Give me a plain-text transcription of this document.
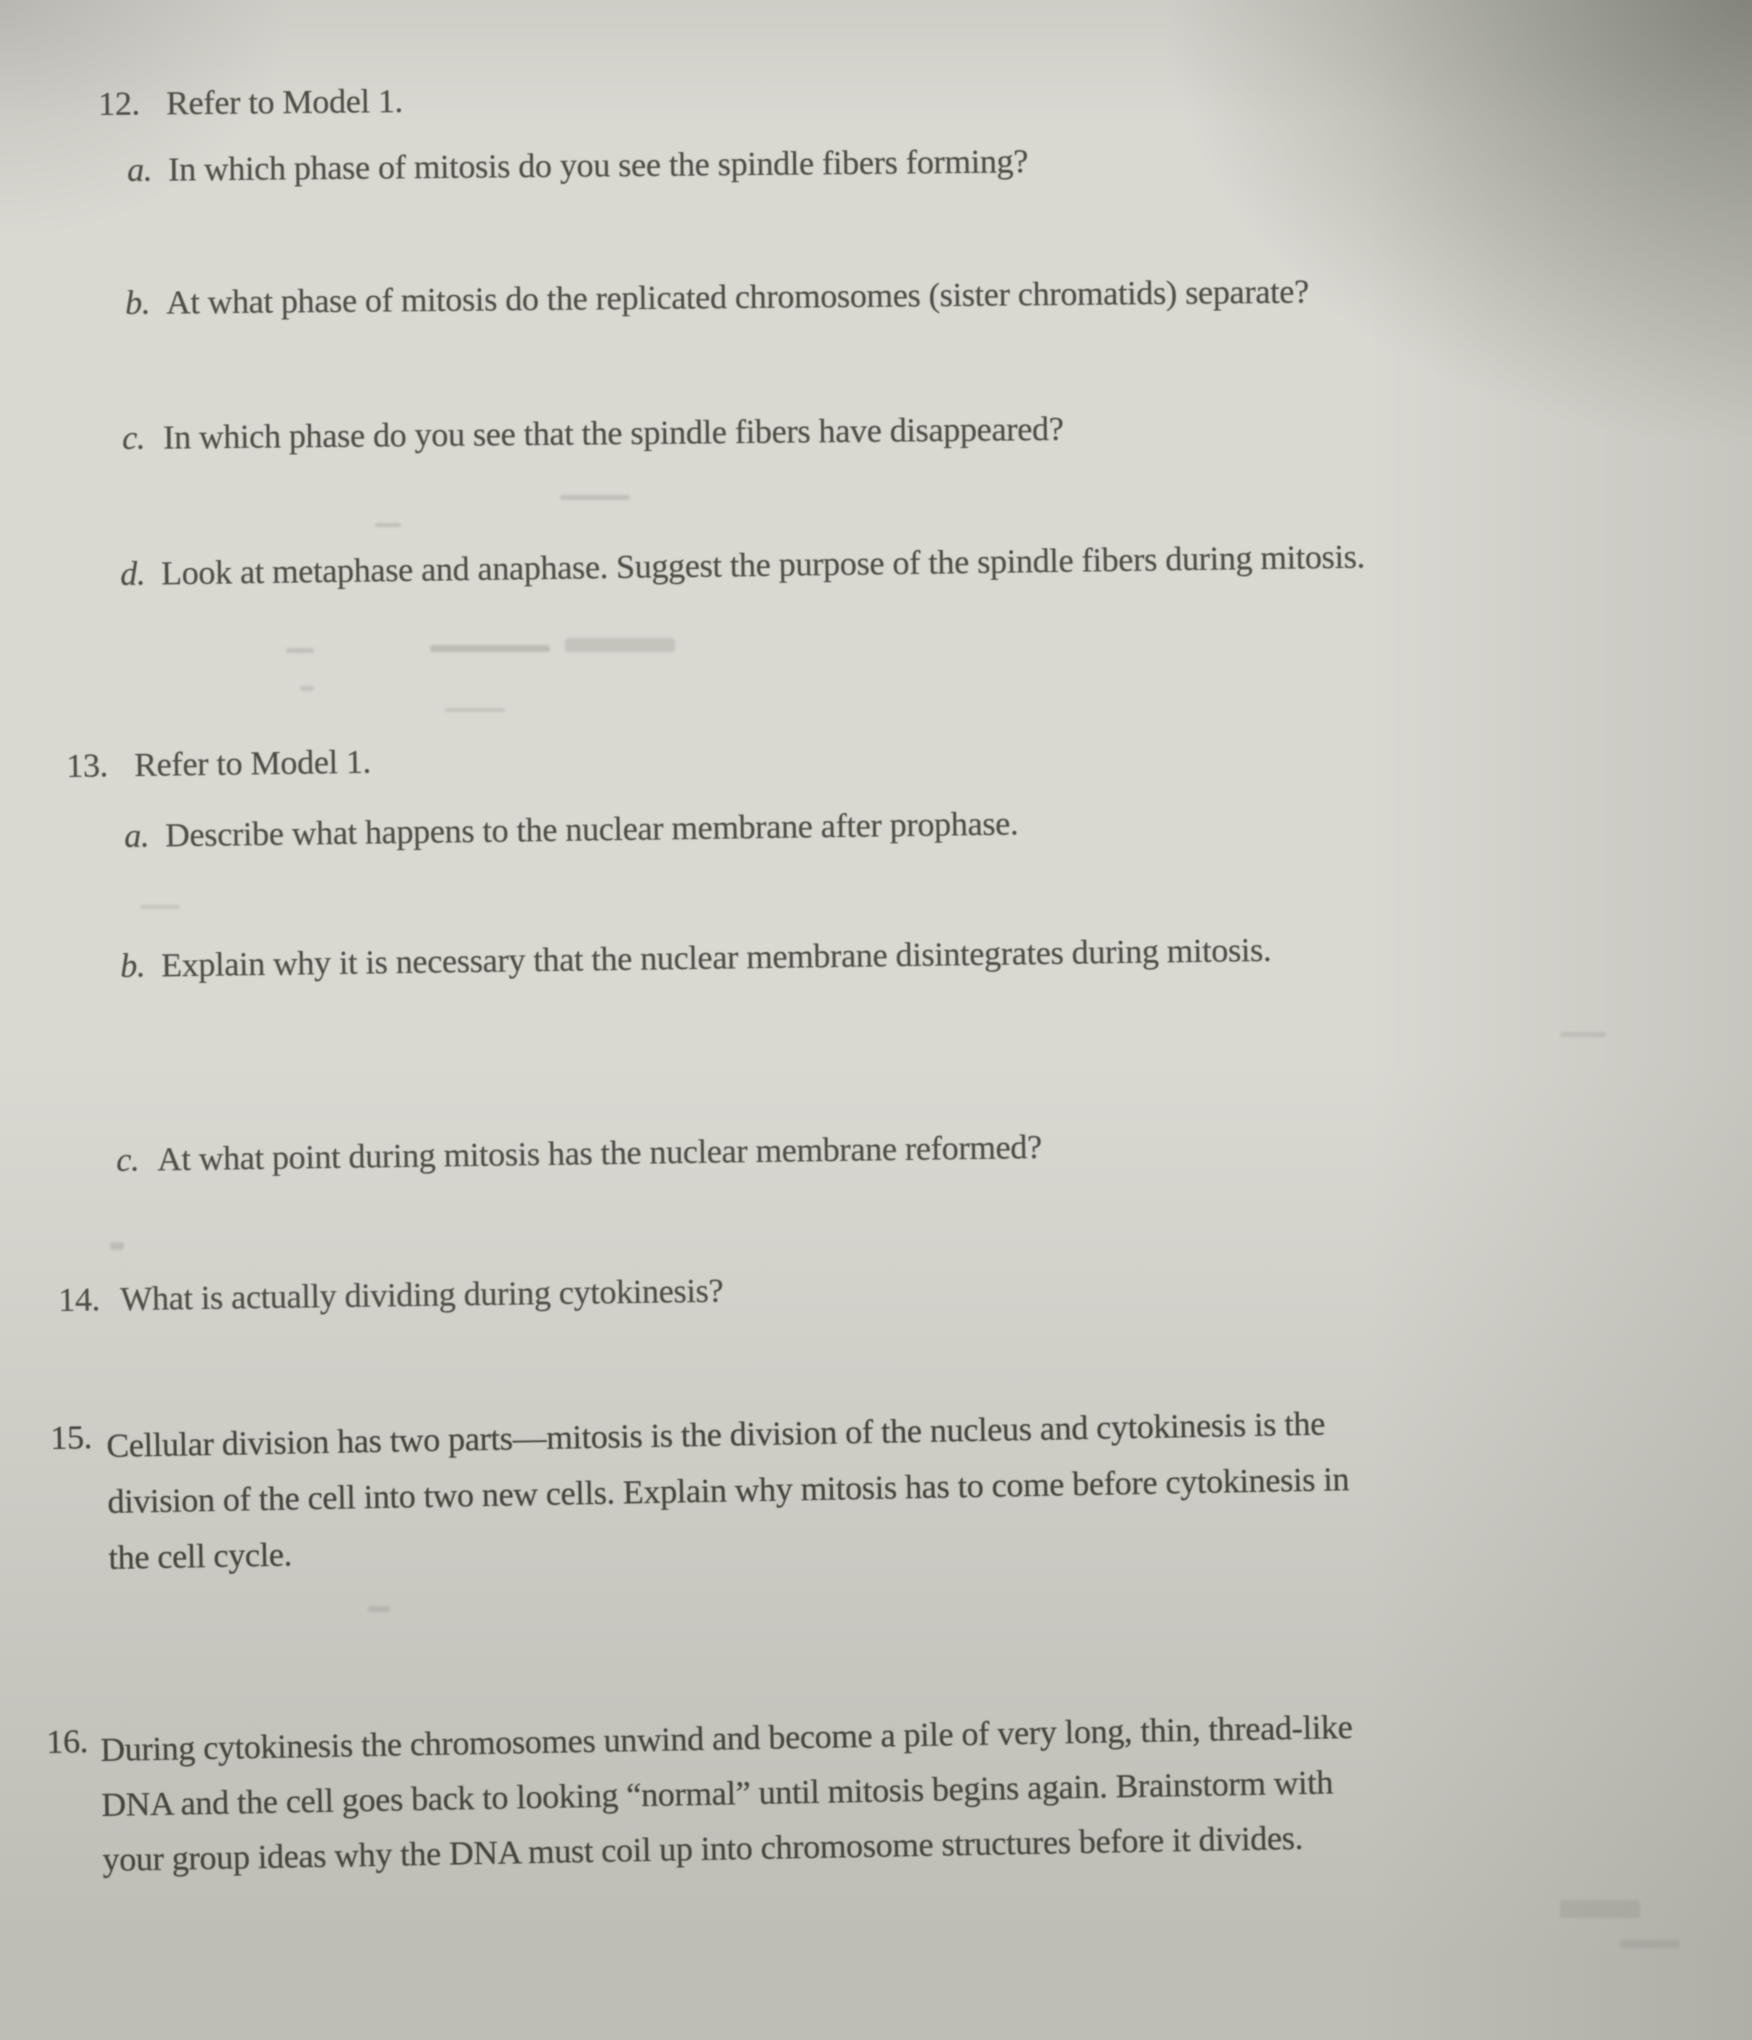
12. Refer to Model 1.
a. In which phase of mitosis do you see the spindle fibers forming?
b. At what phase of mitosis do the replicated chromosomes (sister chromatids) separate?
c. In which phase do you see that the spindle fibers have disappeared?
d. Look at metaphase and anaphase. Suggest the purpose of the spindle fibers during mitosis.
13. Refer to Model 1.
a. Describe what happens to the nuclear membrane after prophase.
b. Explain why it is necessary that the nuclear membrane disintegrates during mitosis.
c. At what point during mitosis has the nuclear membrane reformed?
14. What is actually dividing during cytokinesis?
15. Cellular division has two parts—mitosis is the division of the nucleus and cytokinesis is the
division of the cell into two new cells. Explain why mitosis has to come before cytokinesis in
the cell cycle.
16. During cytokinesis the chromosomes unwind and become a pile of very long, thin, thread-like
DNA and the cell goes back to looking “normal” until mitosis begins again. Brainstorm with
your group ideas why the DNA must coil up into chromosome structures before it divides.
